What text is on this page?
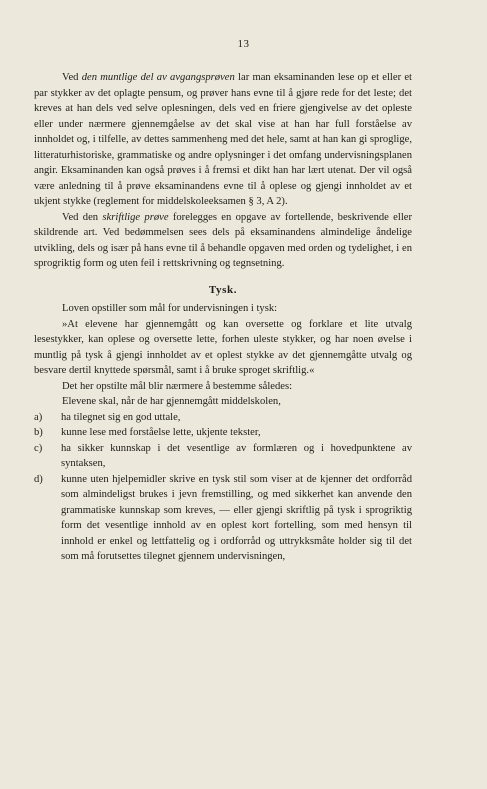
13

Ved den muntlige del av avgangsprøven lar man eksaminanden lese op et eller et par stykker av det oplagte pensum, og prøver hans evne til å gjøre rede for det leste; det kreves at han dels ved selve oplesningen, dels ved en friere gjengivelse av det opleste eller under nærmere gjennemgåelse av det skal vise at han har full forståelse av innholdet og, i tilfelle, av dettes sammenheng med det hele, samt at han kan gi sproglige, litteraturhistoriske, grammatiske og andre oplysninger i det omfang undervisningsplanen angir. Eksaminanden kan også prøves i å fremsi et dikt han har lært utenat. Der vil også være anledning til å prøve eksaminandens evne til å oplese og gjengi innholdet av et ukjent stykke (reglement for middelskoleeksamen § 3, A 2).

Ved den skriftlige prøve forelegges en opgave av fortellende, beskrivende eller skildrende art. Ved bedømmelsen sees dels på eksaminandens almindelige åndelige utvikling, dels og især på hans evne til å behandle opgaven med orden og tydelighet, i en sprogriktig form og uten feil i rettskrivning og tegnsetning.

Tysk.

Loven opstiller som mål for undervisningen i tysk:

»At elevene har gjennemgått og kan oversette og forklare et lite utvalg lesestykker, kan oplese og oversette lette, forhen uleste stykker, og har noen øvelse i muntlig på tysk å gjengi innholdet av et oplest stykke av det gjennemgåtte utvalg og besvare dertil knyttede spørsmål, samt i å bruke sproget skriftlig.«

Det her opstilte mål blir nærmere å bestemme således:

Elevene skal, når de har gjennemgått middelskolen,

a) ha tilegnet sig en god uttale,
b) kunne lese med forståelse lette, ukjente tekster,
c) ha sikker kunnskap i det vesentlige av formlæren og i hovedpunktene av syntaksen,
d) kunne uten hjelpemidler skrive en tysk stil som viser at de kjenner det ordforråd som almindeligst brukes i jevn fremstilling, og med sikkerhet kan anvende den grammatiske kunnskap som kreves, — eller gjengi skriftlig på tysk i sprogriktig form det vesentlige innhold av en oplest kort fortelling, som med hensyn til innhold er enkel og lettfattelig og i ordforråd og uttrykksmåte holder sig til det som må forutsettes tilegnet gjennem undervisningen,
